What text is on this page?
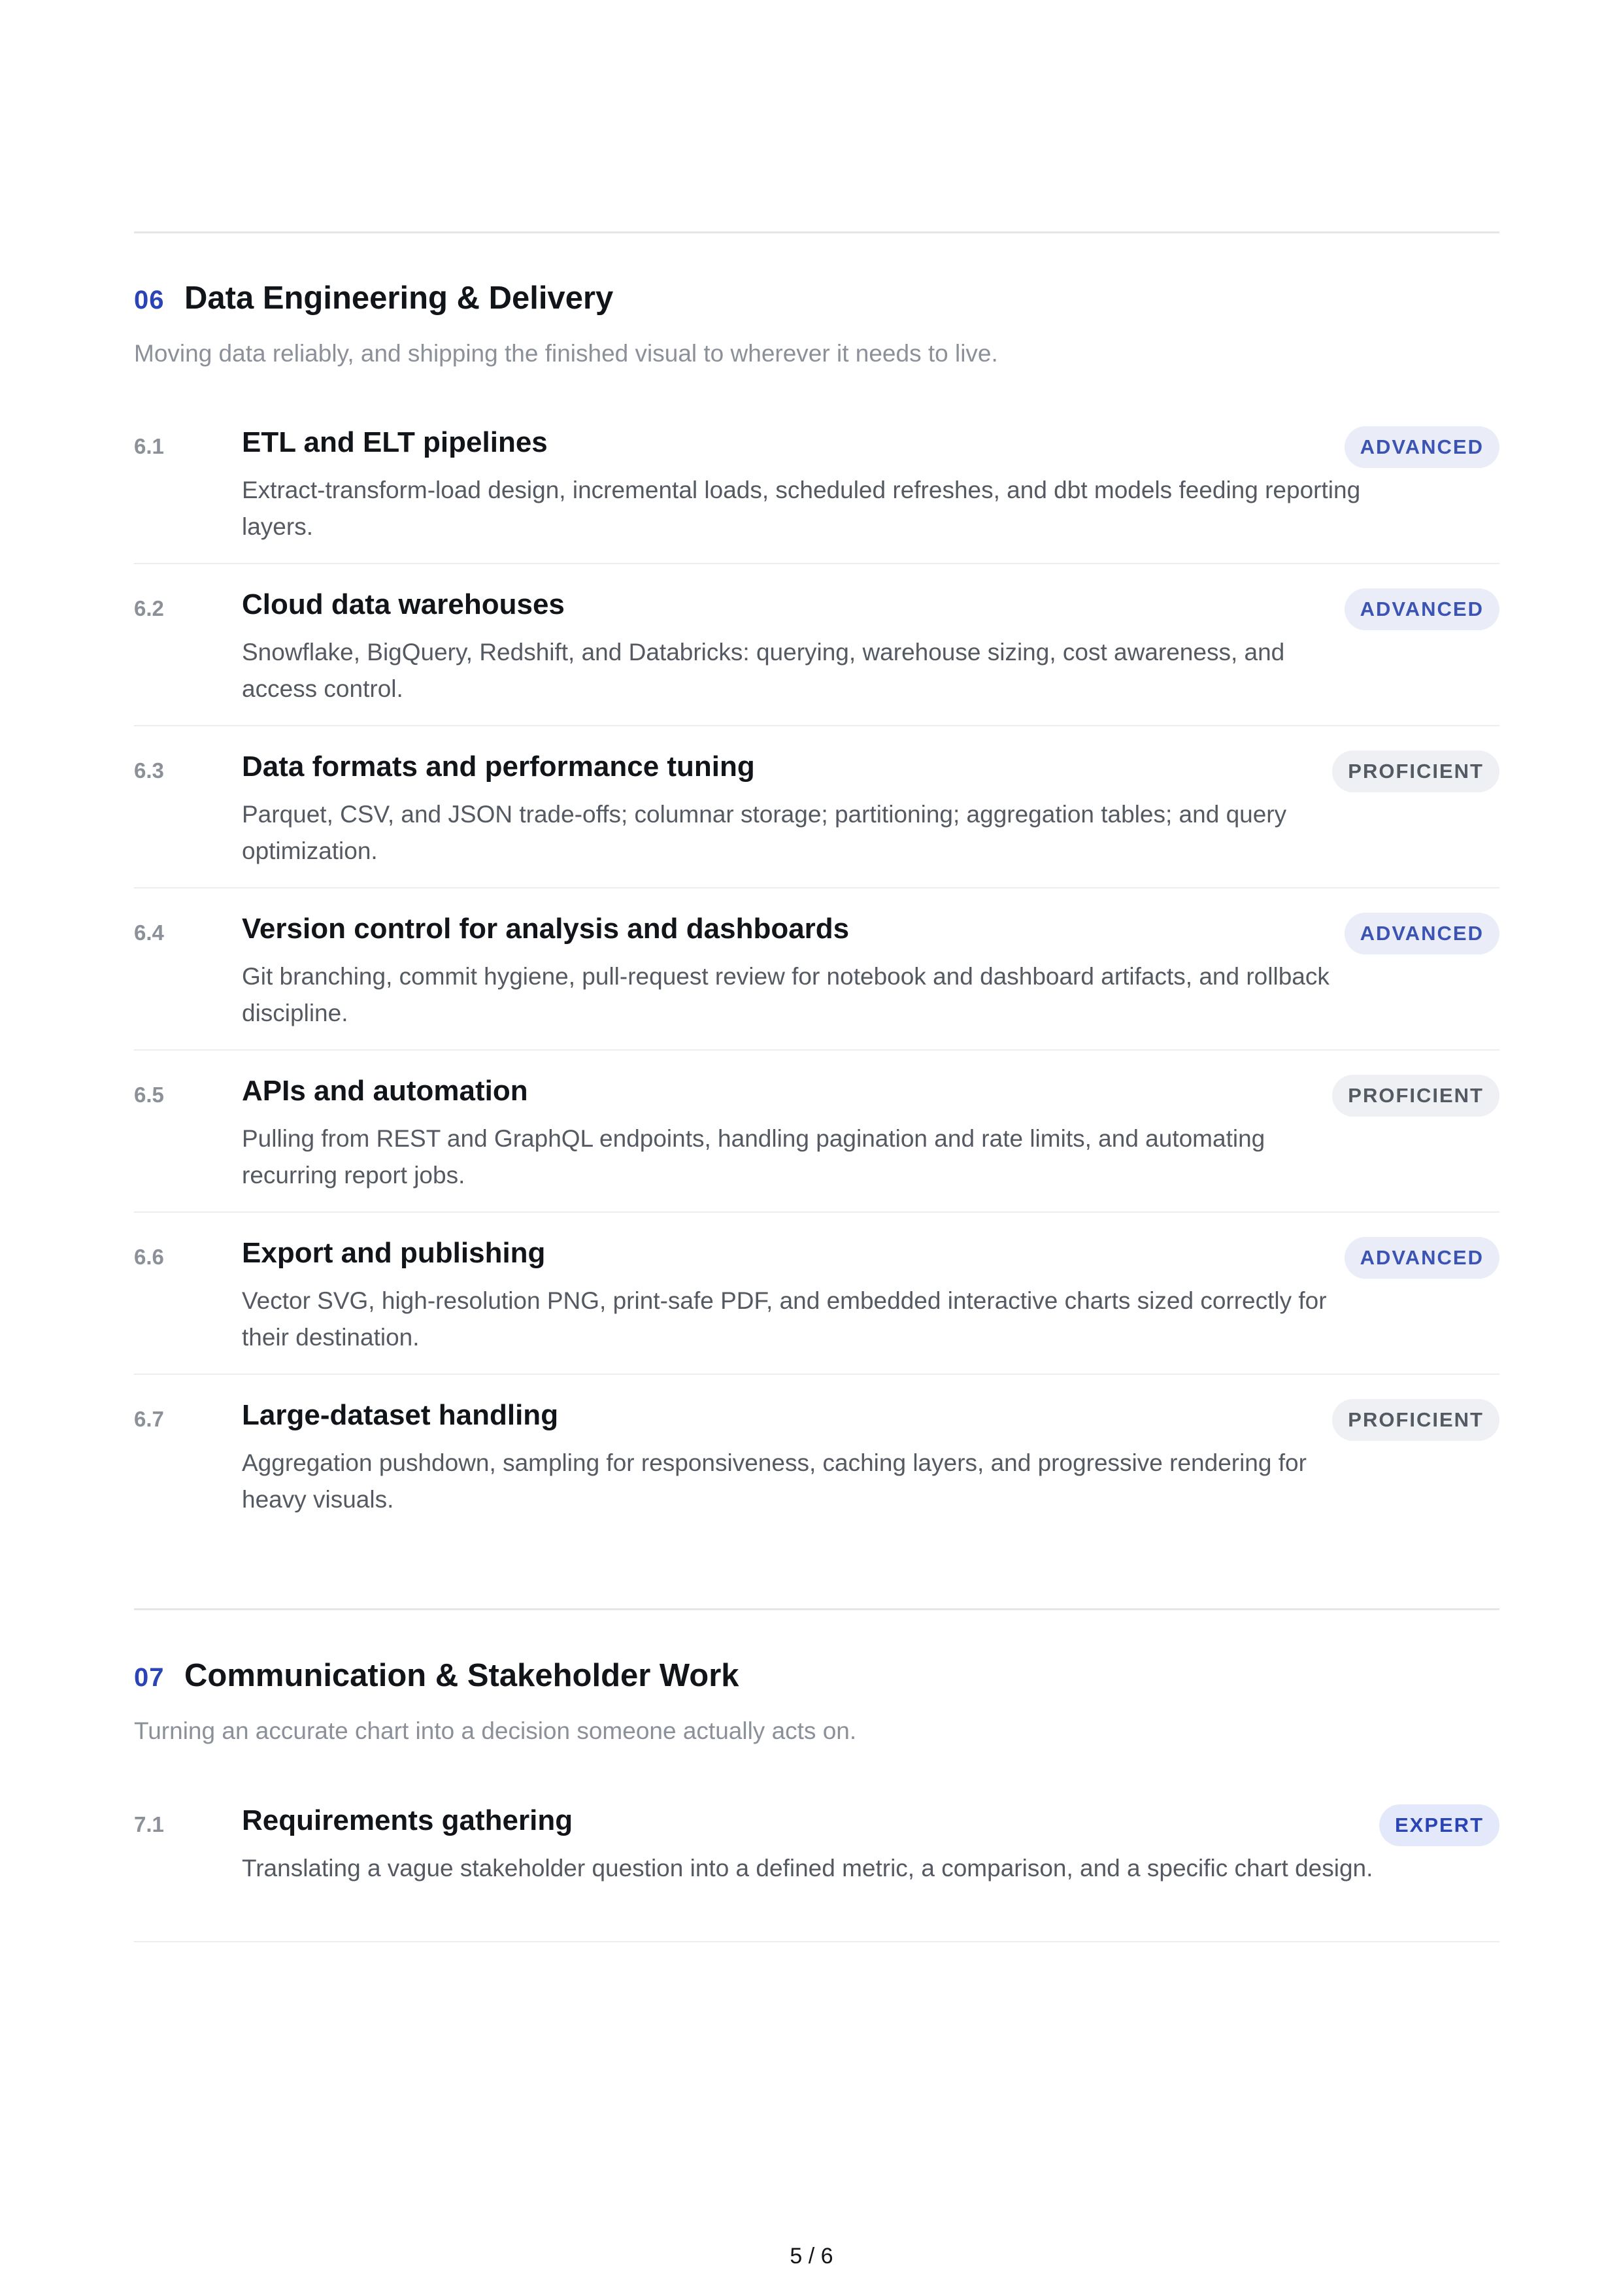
06 Data Engineering & Delivery
Moving data reliably, and shipping the finished visual to wherever it needs to live.
6.1	ETL and ELT pipelines
Extract-transform-load design, incremental loads, scheduled refreshes, and dbt models feeding reporting layers.
ADVANCED
6.2	Cloud data warehouses
Snowflake, BigQuery, Redshift, and Databricks: querying, warehouse sizing, cost awareness, and access control.
ADVANCED
6.3	Data formats and performance tuning
Parquet, CSV, and JSON trade-offs; columnar storage; partitioning; aggregation tables; and query optimization.
PROFICIENT
6.4	Version control for analysis and dashboards
Git branching, commit hygiene, pull-request review for notebook and dashboard artifacts, and rollback discipline.
ADVANCED
6.5	APIs and automation
Pulling from REST and GraphQL endpoints, handling pagination and rate limits, and automating recurring report jobs.
PROFICIENT
6.6	Export and publishing
Vector SVG, high-resolution PNG, print-safe PDF, and embedded interactive charts sized correctly for their destination.
ADVANCED
6.7	Large-dataset handling
Aggregation pushdown, sampling for responsiveness, caching layers, and progressive rendering for heavy visuals.
PROFICIENT
07 Communication & Stakeholder Work
Turning an accurate chart into a decision someone actually acts on.
7.1	Requirements gathering
Translating a vague stakeholder question into a defined metric, a comparison, and a specific chart design.
EXPERT
5 / 6
